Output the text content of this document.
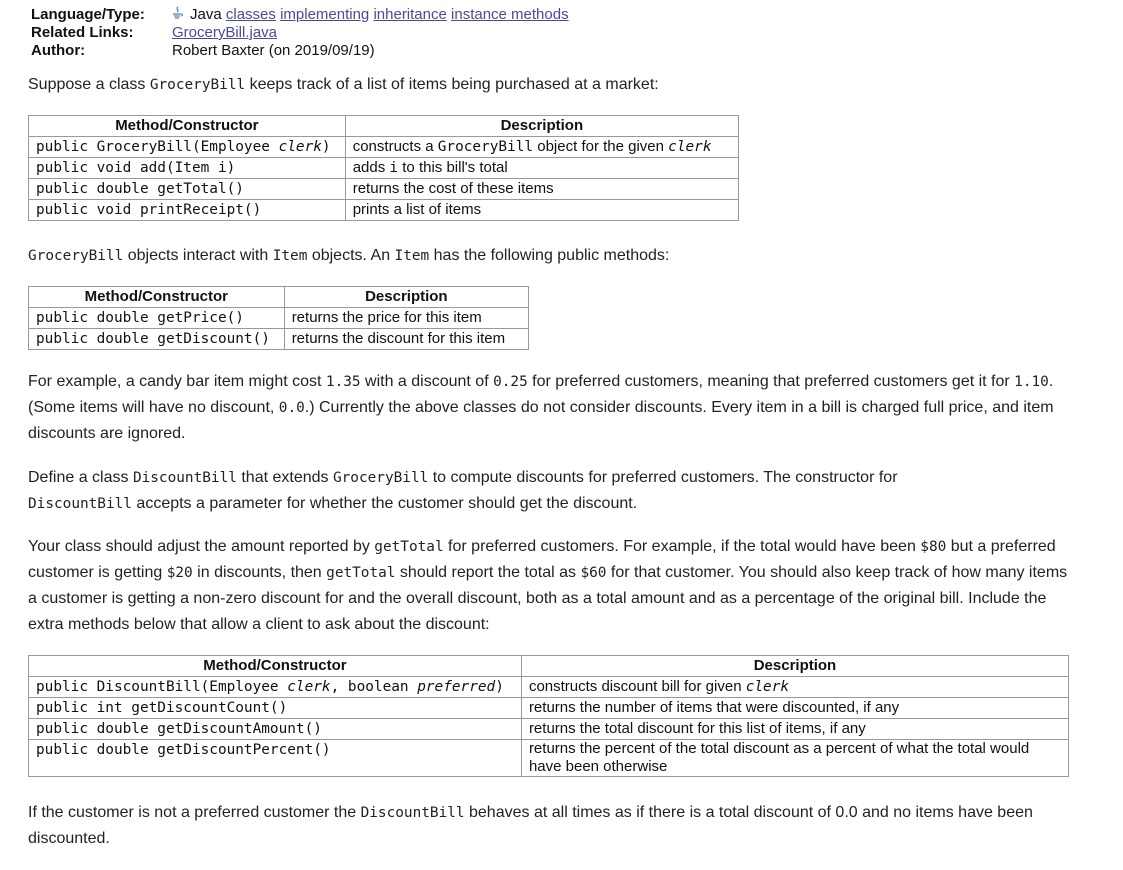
Language/Type:	Java classes implementing inheritance instance methods
Related Links:	GroceryBill.java
Author:	Robert Baxter (on 2019/09/19)

Suppose a class GroceryBill keeps track of a list of items being purchased at a market:

Method/Constructor	Description
public GroceryBill(Employee clerk)	constructs a GroceryBill object for the given clerk
public void add(Item i)	adds i to this bill's total
public double getTotal()	returns the cost of these items
public void printReceipt()	prints a list of items

GroceryBill objects interact with Item objects. An Item has the following public methods:

Method/Constructor	Description
public double getPrice()	returns the price for this item
public double getDiscount()	returns the discount for this item

For example, a candy bar item might cost 1.35 with a discount of 0.25 for preferred customers, meaning that preferred customers get it for 1.10. (Some items will have no discount, 0.0.) Currently the above classes do not consider discounts. Every item in a bill is charged full price, and item discounts are ignored.

Define a class DiscountBill that extends GroceryBill to compute discounts for preferred customers. The constructor for DiscountBill accepts a parameter for whether the customer should get the discount.

Your class should adjust the amount reported by getTotal for preferred customers. For example, if the total would have been $80 but a preferred customer is getting $20 in discounts, then getTotal should report the total as $60 for that customer. You should also keep track of how many items a customer is getting a non-zero discount for and the overall discount, both as a total amount and as a percentage of the original bill. Include the extra methods below that allow a client to ask about the discount:

Method/Constructor	Description
public DiscountBill(Employee clerk, boolean preferred)	constructs discount bill for given clerk
public int getDiscountCount()	returns the number of items that were discounted, if any
public double getDiscountAmount()	returns the total discount for this list of items, if any
public double getDiscountPercent()	returns the percent of the total discount as a percent of what the total would have been otherwise

If the customer is not a preferred customer the DiscountBill behaves at all times as if there is a total discount of 0.0 and no items have been discounted.
